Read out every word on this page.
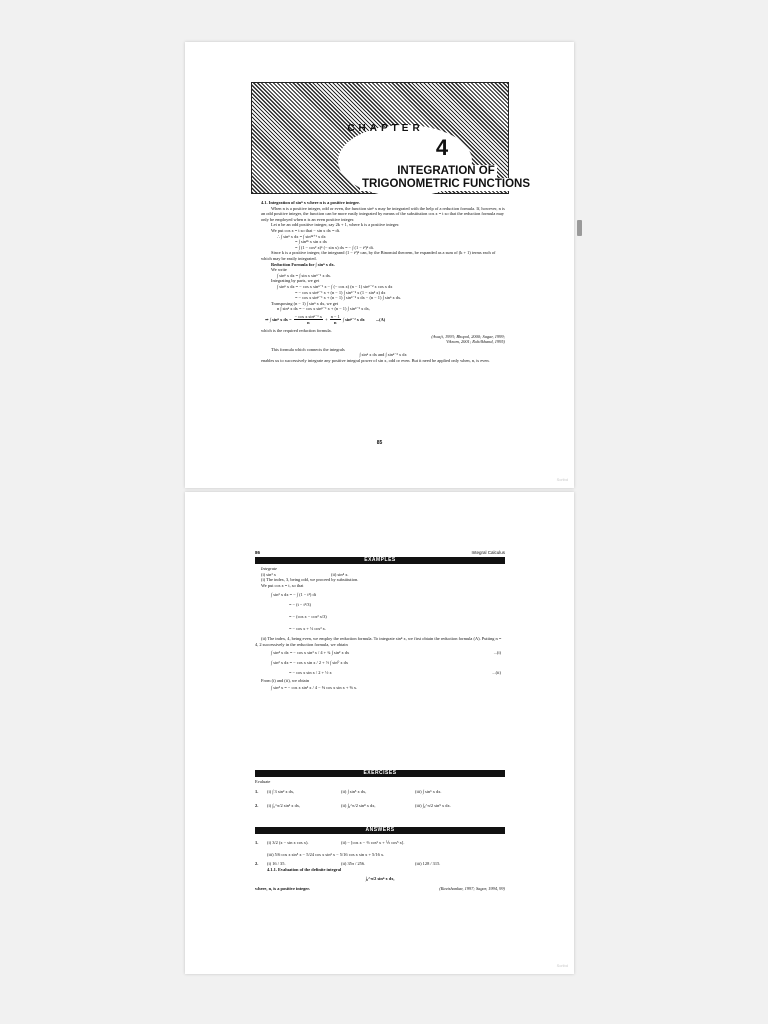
CHAPTER
4
INTEGRATION OF
TRIGONOMETRIC FUNCTIONS

4.1. Integration of sinⁿ x where n is a positive integer.

When n is a positive integer, odd or even, the function sinⁿ x may be integrated with the help of a reduction formula. If, however, n is an odd positive integer, the function can be more easily integrated by means of the substitution cos x = t so that the reduction formula may only be employed when n is an even positive integer.

Let n be an odd positive integer, say 2k + 1, where k is a positive integer.

We put cos x = t so that − sin x dx = dt.

∴ ∫ sinⁿ x dx = ∫ sin²ᵏ⁺¹ x dx

= ∫ sin²ᵏ x sin x dx

= ∫ (1 − cos² x)ᵏ (− sin x) dx = − ∫ (1 − t²)ᵏ dt.

Since k is a positive integer, the integrand (1 − t²)ᵏ can, by the Binomial theorem, be expanded as a sum of (k + 1) terms each of which may be easily integrated.

Reduction Formula for ∫ sinⁿ x dx.

We write

∫ sinⁿ x dx = ∫ sin x sinⁿ⁻¹ x dx.

Integrating by parts, we get

∫ sinⁿ x dx = − cos x sinⁿ⁻¹ x − ∫ (− cos x) (n − 1) sinⁿ⁻² x cos x dx

= − cos x sinⁿ⁻¹ x + (n − 1) ∫ sinⁿ⁻² x (1 − sin² x) dx

= − cos x sinⁿ⁻¹ x + (n − 1) ∫ sinⁿ⁻² x dx − (n − 1) ∫ sinⁿ x dx.

Transposing (n − 1) ∫ sinⁿ x dx, we get

n ∫ sinⁿ x dx = − cos x sinⁿ⁻¹ x + (n − 1) ∫ sinⁿ⁻² x dx,

⇒ ∫ sinⁿ x dx = $\frac{\text{− cos x sinⁿ⁻¹ x}}{n} + \frac{n - 1}{n}$ ∫ sinⁿ⁻² x dx	...(A)

which is the required reduction formula.

(Awaji, 1993; Bhopal, 2000; Sagar, 1999;

Vikram, 2001; Rohilkhand, 1995)

This formula which connects the integrals

∫ sinⁿ x dx and ∫ sinⁿ⁻² x dx

enables us to successively integrate any positive integral power of sin x, odd or even. But it need be applied only when, n, is even.

85
Scribd
86	Integral Calculus
EXAMPLES

Integrate

(i) sin³ x	(ii) sin⁴ x.

(i) The index, 3, being odd, we proceed by substitution.

We put cos x = t, so that

∫ sin³ x dx = − ∫ (1 − t²) dt

= − (t − t³/3)

= − (cos x − cos³ x/3)

= − cos x + ⅓ cos³ x.

(ii) The index, 4, being even, we employ the reduction formula. To integrate sin⁴ x, we first obtain the reduction formula (A). Putting n = 4, 2 successively in the reduction formula, we obtain

∫ sin⁴ x dx = − cos x sin³ x / 4 + ¾ ∫ sin² x dx	...(i)

∫ sin² x dx = − cos x sin x / 2 + ½ ∫ sin⁰ x dx

= − cos x sin x / 2 + ½ x	...(ii)

From (i) and (ii), we obtain

∫ sin⁴ x = − cos x sin³ x / 4 − ⅜ cos x sin x + ⅜ x.

EXERCISES

Evaluate

1.	(i) ∫ 3 sin² x dx,	(ii) ∫ sin⁵ x dx,	(iii) ∫ sin⁶ x dx.

2.	(i) ∫₀^π/2 sin³ x dx,	(ii) ∫₀^π/2 sin⁸ x dx,	(iii) ∫₀^π/2 sin⁹ x dx.

ANSWERS

1.	(i) 3/2 (x − sin x cos x).	(ii) − [cos x − ⅔ cos³ x + ⅕ cos⁵ x].

(iii) 5/6 cos x sin⁵ x − 5/24 cos x sin³ x − 5/16 cos x sin x + 5/16 x.

2.	(i) 16 / 35.	(ii) 35π / 256.	(iii) 128 / 315.

4.1.1. Evaluation of the definite integral

∫₀^π/2 sinⁿ x dx,

where, n, is a positive integer.	(Ravishankar, 1997; Sagar, 1994, 99)

Scribd
